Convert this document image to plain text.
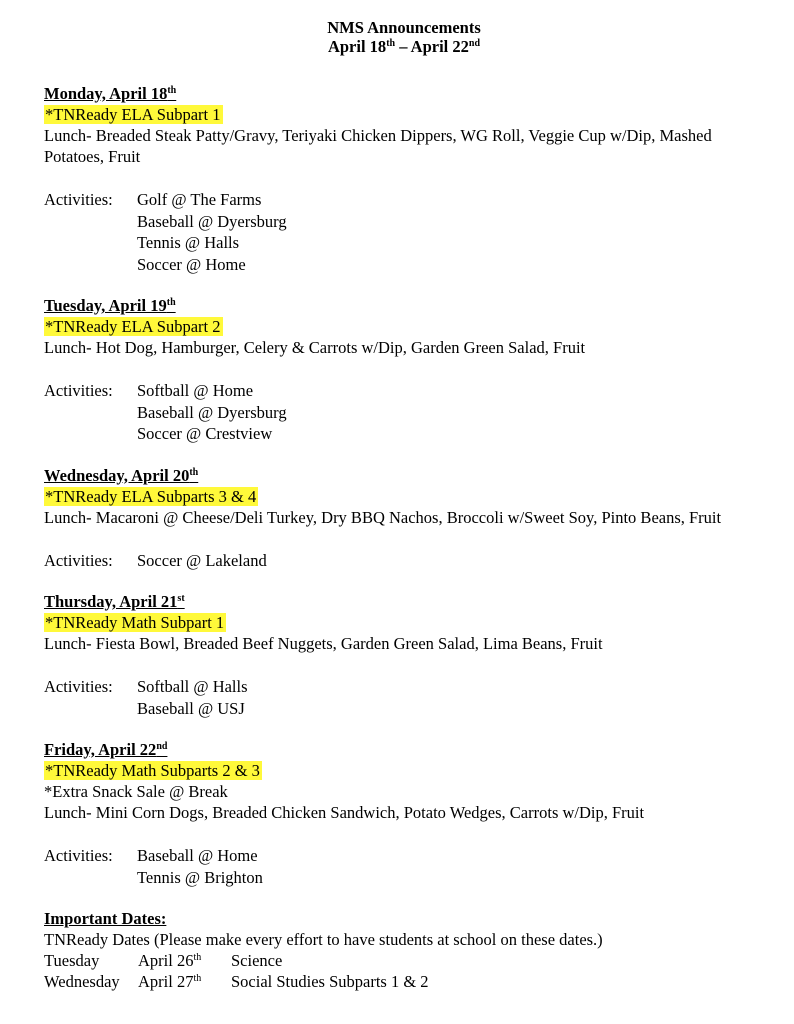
NMS Announcements
April 18th – April 22nd
Monday, April 18th
*TNReady ELA Subpart 1
Lunch- Breaded Steak Patty/Gravy, Teriyaki Chicken Dippers, WG Roll, Veggie Cup w/Dip, Mashed Potatoes, Fruit
Activities:	Golf @ The Farms
Baseball @ Dyersburg
Tennis @ Halls
Soccer @ Home
Tuesday, April 19th
*TNReady ELA Subpart 2
Lunch- Hot Dog, Hamburger, Celery & Carrots w/Dip, Garden Green Salad, Fruit
Activities:	Softball @ Home
Baseball @ Dyersburg
Soccer @ Crestview
Wednesday, April 20th
*TNReady ELA Subparts 3 & 4
Lunch- Macaroni @ Cheese/Deli Turkey, Dry BBQ Nachos, Broccoli w/Sweet Soy, Pinto Beans, Fruit
Activities:	Soccer @ Lakeland
Thursday, April 21st
*TNReady Math Subpart 1
Lunch- Fiesta Bowl, Breaded Beef Nuggets, Garden Green Salad, Lima Beans, Fruit
Activities:	Softball @ Halls
Baseball @ USJ
Friday, April 22nd
*TNReady Math Subparts 2 & 3
*Extra Snack Sale @ Break
Lunch- Mini Corn Dogs, Breaded Chicken Sandwich, Potato Wedges, Carrots w/Dip, Fruit
Activities:	Baseball @ Home
Tennis @ Brighton
Important Dates:
TNReady Dates (Please make every effort to have students at school on these dates.)
Tuesday	April 26th	Science
Wednesday	April 27th	Social Studies Subparts 1 & 2
